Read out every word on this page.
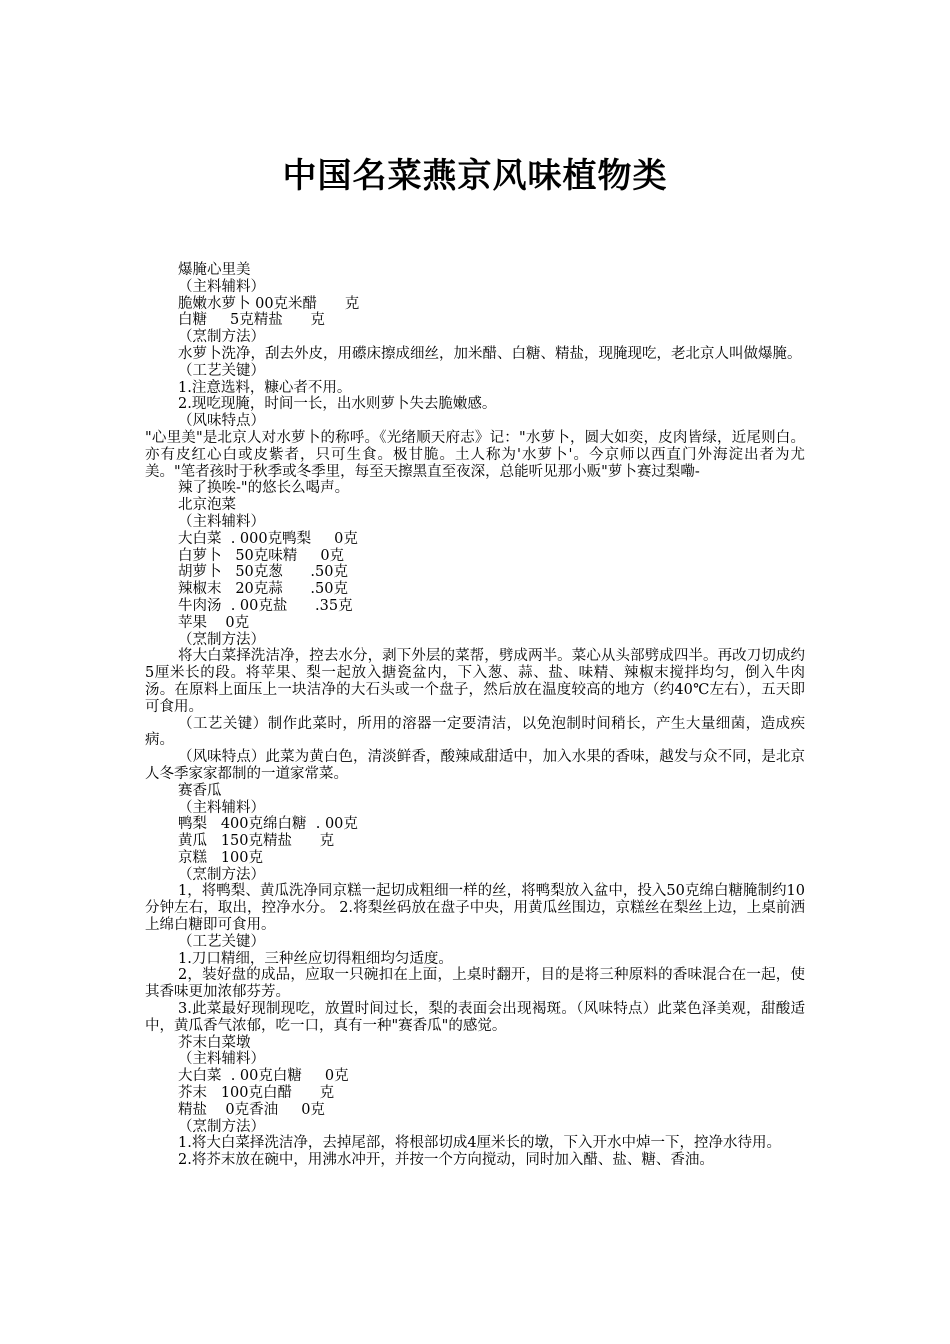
中国名菜燕京风味植物类

爆腌心里美

（主料辅料）

脆嫩水萝卜 00克米醋      克

白糖     5克精盐      克

（烹制方法）

水萝卜洗净，刮去外皮，用礤床擦成细丝，加米醋、白糖、精盐，现腌现吃，老北京人叫做爆腌。

（工艺关键）

1.注意选料，糠心者不用。

2.现吃现腌，时间一长，出水则萝卜失去脆嫩感。

（风味特点）

"心里美"是北京人对水萝卜的称呼。《光绪顺天府志》记："水萝卜，圆大如奕，皮肉皆绿，近尾则白。亦有皮红心白或皮紫者，只可生食。极甘脆。土人称为'水萝卜'。今京师以西直门外海淀出者为尤美。"笔者孩时于秋季或冬季里，每至天擦黑直至夜深，总能听见那小贩"萝卜赛过梨嘞-

辣了换唉-"的悠长么喝声。

北京泡菜

（主料辅料）

大白菜  . 000克鸭梨     0克

白萝卜   50克味精     0克

胡萝卜   50克葱      .50克

辣椒末   20克蒜      .50克

牛肉汤  . 00克盐      .35克

苹果    0克

（烹制方法）

将大白菜择洗洁净，控去水分，剥下外层的菜帮，劈成两半。菜心从头部劈成四半。再改刀切成约5厘米长的段。将苹果、梨一起放入搪瓷盆内，下入葱、蒜、盐、味精、辣椒末搅拌均匀，倒入牛肉汤。在原料上面压上一块洁净的大石头或一个盘子，然后放在温度较高的地方（约40℃左右），五天即可食用。

（工艺关键）制作此菜时，所用的溶器一定要清洁，以免泡制时间稍长，产生大量细菌，造成疾病。

（风味特点）此菜为黄白色，清淡鲜香，酸辣咸甜适中，加入水果的香味，越发与众不同，是北京人冬季家家都制的一道家常菜。

赛香瓜

（主料辅料）

鸭梨   400克绵白糖  . 00克

黄瓜   150克精盐      克

京糕   100克

（烹制方法）

1，将鸭梨、黄瓜洗净同京糕一起切成粗细一样的丝，将鸭梨放入盆中，投入50克绵白糖腌制约10分钟左右，取出，控净水分。 2.将梨丝码放在盘子中央，用黄瓜丝围边，京糕丝在梨丝上边，上桌前洒上绵白糖即可食用。

（工艺关键）

1.刀口精细，三种丝应切得粗细均匀适度。

2，装好盘的成品，应取一只碗扣在上面，上桌时翻开，目的是将三种原料的香味混合在一起，使其香味更加浓郁芬芳。

3.此菜最好现制现吃，放置时间过长，梨的表面会出现褐斑。（风味特点）此菜色泽美观，甜酸适中，黄瓜香气浓郁，吃一口，真有一种"赛香瓜"的感觉。

芥末白菜墩

（主料辅料）

大白菜  . 00克白糖     0克

芥末   100克白醋      克

精盐    0克香油     0克

（烹制方法）

1.将大白菜择洗洁净，去掉尾部，将根部切成4厘米长的墩，下入开水中焯一下，控净水待用。

2.将芥末放在碗中，用沸水冲开，并按一个方向搅动，同时加入醋、盐、糖、香油。
